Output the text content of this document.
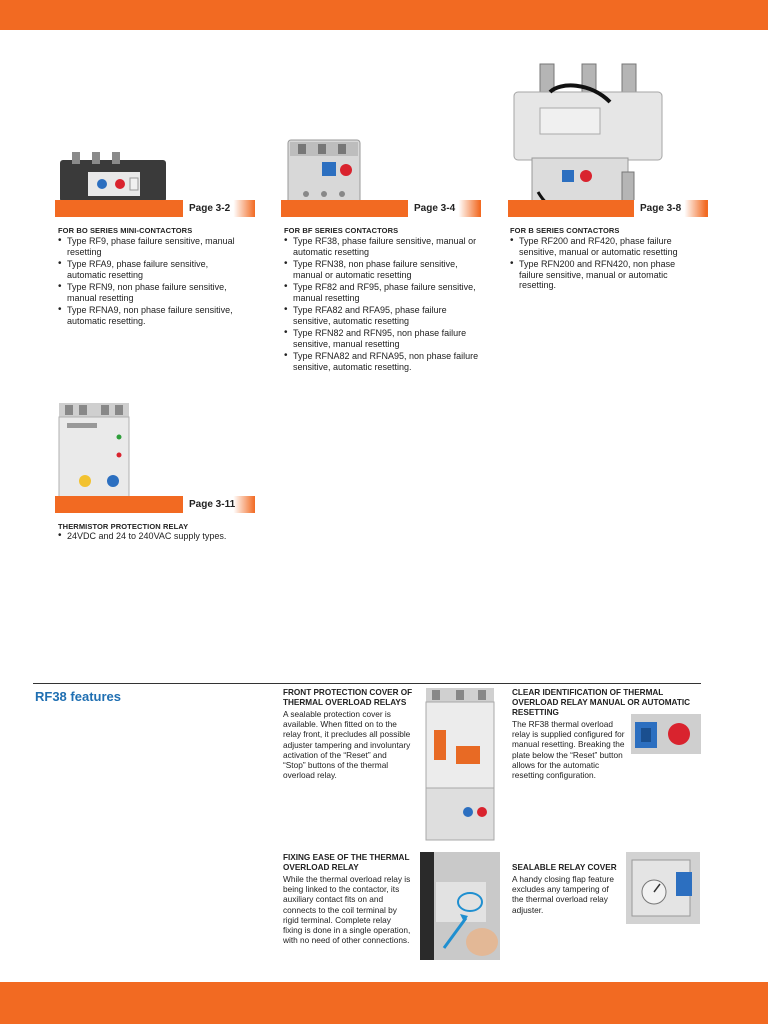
Page 3-2
FOR BO SERIES MINI-CONTACTORS
• Type RF9, phase failure sensitive, manual resetting
• Type RFA9, phase failure sensitive, automatic resetting
• Type RFN9, non phase failure sensitive, manual resetting
• Type RFNA9, non phase failure sensitive, automatic resetting.
Page 3-4
FOR BF SERIES CONTACTORS
• Type RF38, phase failure sensitive, manual or automatic resetting
• Type RFN38, non phase failure sensitive, manual or automatic resetting
• Type RF82 and RF95, phase failure sensitive, manual resetting
• Type RFA82 and RFA95, phase failure sensitive, automatic resetting
• Type RFN82 and RFN95, non phase failure sensitive, manual resetting
• Type RFNA82 and RFNA95, non phase failure sensitive, automatic resetting.
Page 3-8
FOR B SERIES CONTACTORS
• Type RF200 and RF420, phase failure sensitive, manual or automatic resetting
• Type RFN200 and RFN420, non phase failure sensitive, manual or automatic resetting.
Page 3-11
THERMISTOR PROTECTION RELAY
• 24VDC and 24 to 240VAC supply types.
RF38 features	FRONT PROTECTION COVER OF THERMAL OVERLOAD RELAYS
A sealable protection cover is available. When fitted on to the relay front, it precludes all possible adjuster tampering and involuntary activation of the “Reset” and “Stop” buttons of the thermal overload relay.
CLEAR IDENTIFICATION OF THERMAL OVERLOAD RELAY MANUAL OR AUTOMATIC RESETTING
The RF38 thermal overload relay is supplied configured for manual resetting. Breaking the plate below the “Reset” button allows for the automatic resetting configuration.
FIXING EASE OF THE THERMAL OVERLOAD RELAY
While the thermal overload relay is being linked to the contactor, its auxiliary contact fits on and connects to the coil terminal by rigid terminal. Complete relay fixing is done in a single operation, with no need of other connections.
SEALABLE RELAY COVER
A handy closing flap feature excludes any tampering of the thermal overload relay adjuster.
